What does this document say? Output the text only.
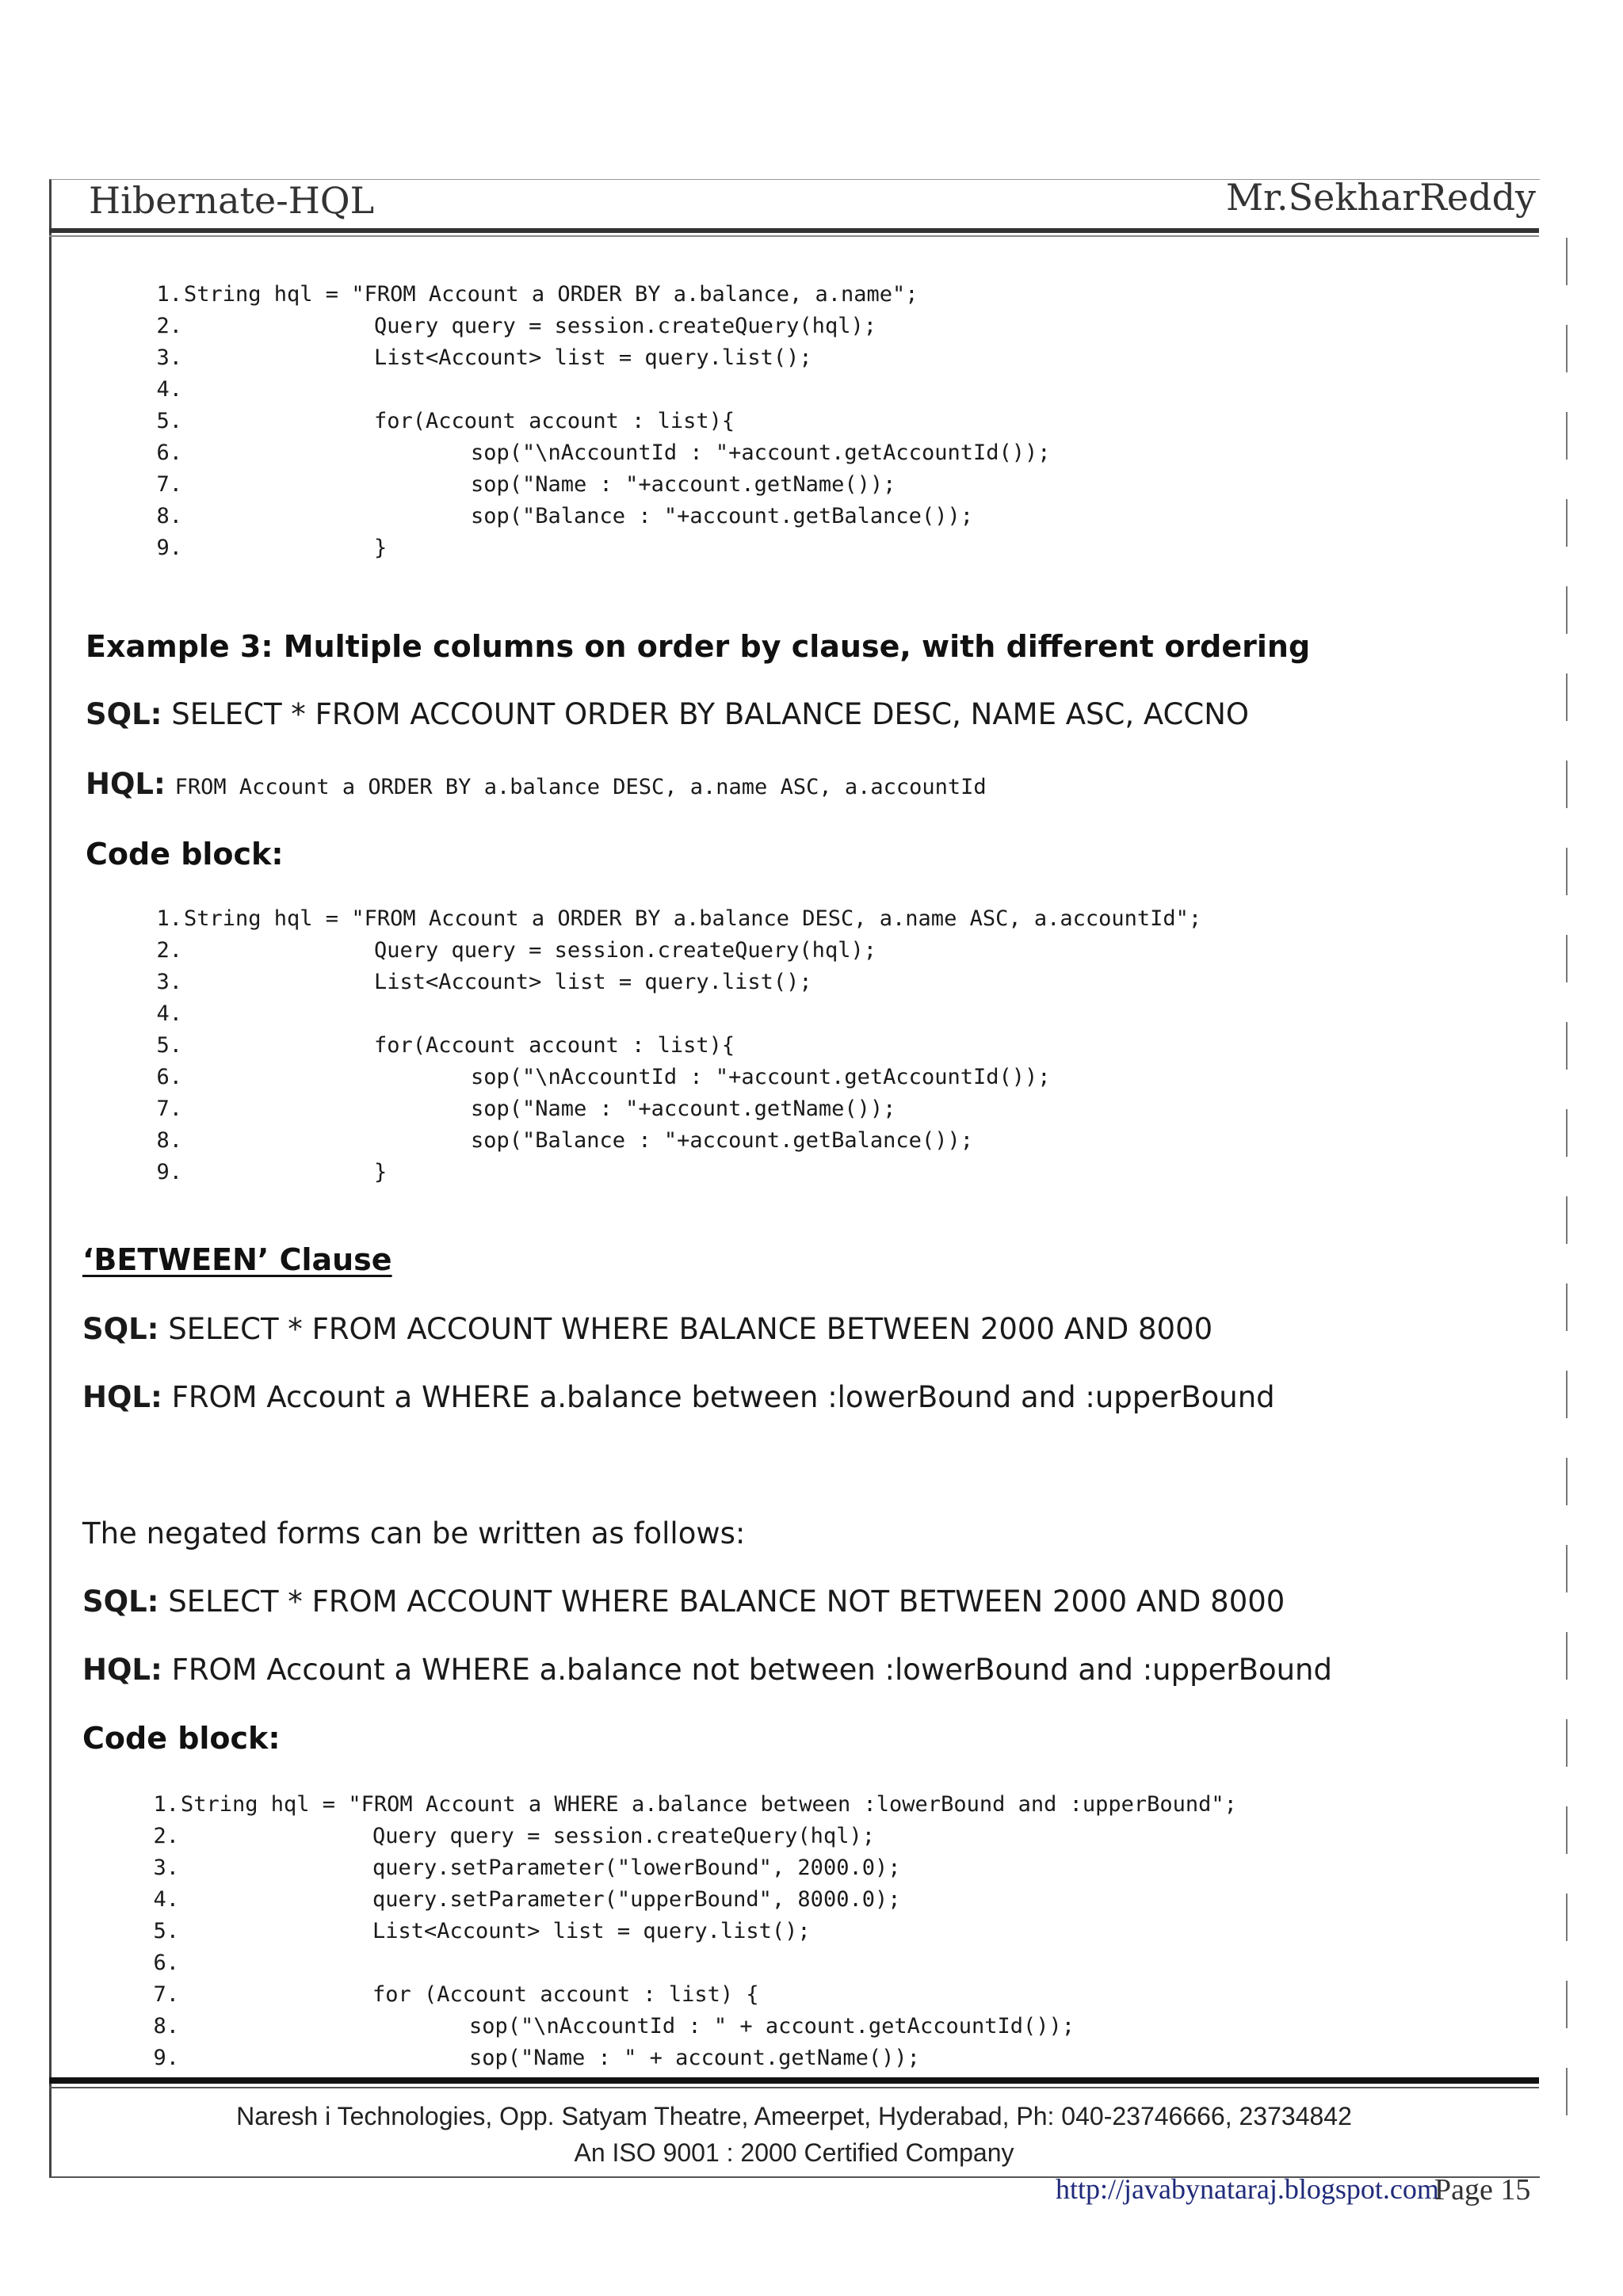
Hibernate-HQL	Mr.SekharReddy
1. String hql = "FROM Account a ORDER BY a.balance, a.name";
2.	Query query = session.createQuery(hql);
3.	List<Account> list = query.list();
4.
5.	for(Account account : list){
6.	sop("\nAccountId : "+account.getAccountId());
7.	sop("Name : "+account.getName());
8.	sop("Balance : "+account.getBalance());
9.	}
Example 3: Multiple columns on order by clause, with different ordering
SQL: SELECT * FROM ACCOUNT ORDER BY BALANCE DESC, NAME ASC, ACCNO
HQL: FROM Account a ORDER BY a.balance DESC, a.name ASC, a.accountId
Code block:
1. String hql = "FROM Account a ORDER BY a.balance DESC, a.name ASC, a.accountId";
2.	Query query = session.createQuery(hql);
3.	List<Account> list = query.list();
4.
5.	for(Account account : list){
6.	sop("\nAccountId : "+account.getAccountId());
7.	sop("Name : "+account.getName());
8.	sop("Balance : "+account.getBalance());
9.	}
‘BETWEEN’ Clause
SQL: SELECT * FROM ACCOUNT WHERE BALANCE BETWEEN 2000 AND 8000
HQL: FROM Account a WHERE a.balance between :lowerBound and :upperBound
The negated forms can be written as follows:
SQL: SELECT * FROM ACCOUNT WHERE BALANCE NOT BETWEEN 2000 AND 8000
HQL: FROM Account a WHERE a.balance not between :lowerBound and :upperBound
Code block:
1. String hql = "FROM Account a WHERE a.balance between :lowerBound and :upperBound";
2.	Query query = session.createQuery(hql);
3.	query.setParameter("lowerBound", 2000.0);
4.	query.setParameter("upperBound", 8000.0);
5.	List<Account> list = query.list();
6.
7.	for (Account account : list) {
8.	sop("\nAccountId : " + account.getAccountId());
9.	sop("Name : " + account.getName());
Naresh i Technologies, Opp. Satyam Theatre, Ameerpet, Hyderabad, Ph: 040-23746666, 23734842
An ISO 9001 : 2000 Certified Company
http://javabynataraj.blogspot.com
Page 15
